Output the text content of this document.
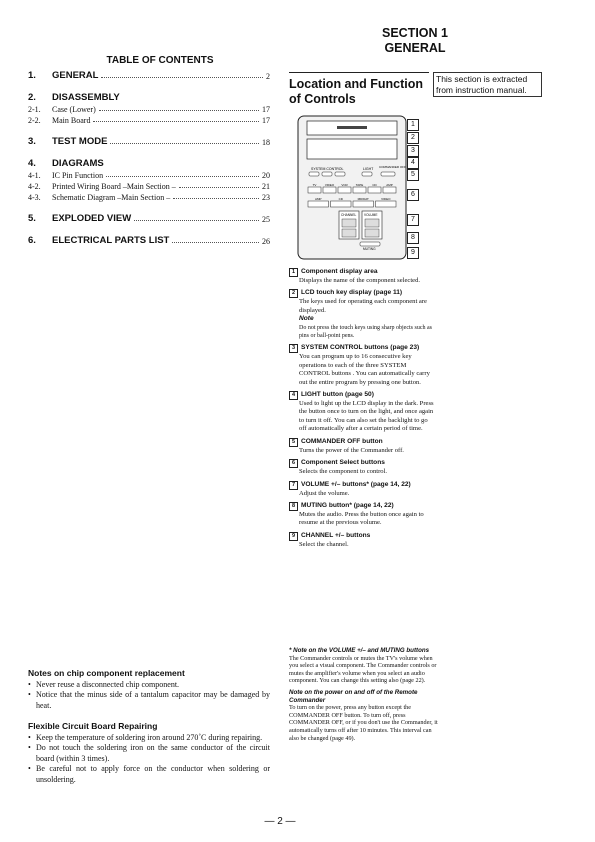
SECTION 1
GENERAL
TABLE OF CONTENTS
1.	GENERAL	2
2.	DISASSEMBLY
2-1.	Case (Lower)	17
2-2.	Main Board	17
3.	TEST MODE	18
4.	DIAGRAMS
4-1.	IC Pin Function	20
4-2.	Printed Wiring Board –Main Section –	21
4-3.	Schematic Diagram –Main Section –	23
5.	EXPLODED VIEW	25
6.	ELECTRICAL PARTS LIST	26
Location and Function
of Controls
This section is extracted from instruction manual.
SYSTEM CONTROL	LIGHT COMMANDER OFF
TV	VIDEO VCR	TAPE	CD	AMP
AMP	CD	MD/DAT	VIDEO
CHANNEL VOLUME
MUTING
1
2
3
4
5
6
7
8
9
1 Component display area
Displays the name of the component selected.
2 LCD touch key display (page 11)
The keys used for operating each component are displayed.
Note
Do not press the touch keys using sharp objects such as pins or ball-point pens.
3 SYSTEM CONTROL buttons (page 23)
You can program up to 16 consecutive key operations to each of the three SYSTEM CONTROL buttons . You can automatically carry out the entire program by pressing one button.
4 LIGHT button (page 50)
Used to light up the LCD display in the dark. Press the button once to turn on the light, and once again to turn it off. You can also set the backlight to go off automatically after a certain period of time.
5 COMMANDER OFF button
Turns the power of the Commander off.
6 Component Select buttons
Selects the component to control.
7 VOLUME +/– buttons* (page 14, 22)
Adjust the volume.
8 MUTING button* (page 14, 22)
Mutes the audio. Press the button once again to resume at the previous volume.
9 CHANNEL +/– buttons
Select the channel.
* Note on the VOLUME +/– and MUTING buttons
The Commander controls or mutes the TV's volume when you select a visual component. The Commander controls or mutes the amplifier's volume when you select an audio component. You can change this setting also (page 22).
Note on the power on and off of the Remote Commander
To turn on the power, press any button except the COMMANDER OFF button. To turn off, press COMMANDER OFF, or if you don't use the Commander, it automatically turns off after 10 minutes. This interval can also be changed (page 49).
Notes on chip component replacement
• Never reuse a disconnected chip component.
• Notice that the minus side of a tantalum capacitor may be damaged by heat.
Flexible Circuit Board Repairing
• Keep the temperature of soldering iron around 270˚C during repairing.
• Do not touch the soldering iron on the same conductor of the circuit board (within 3 times).
• Be careful not to apply force on the conductor when soldering or unsoldering.
— 2 —
